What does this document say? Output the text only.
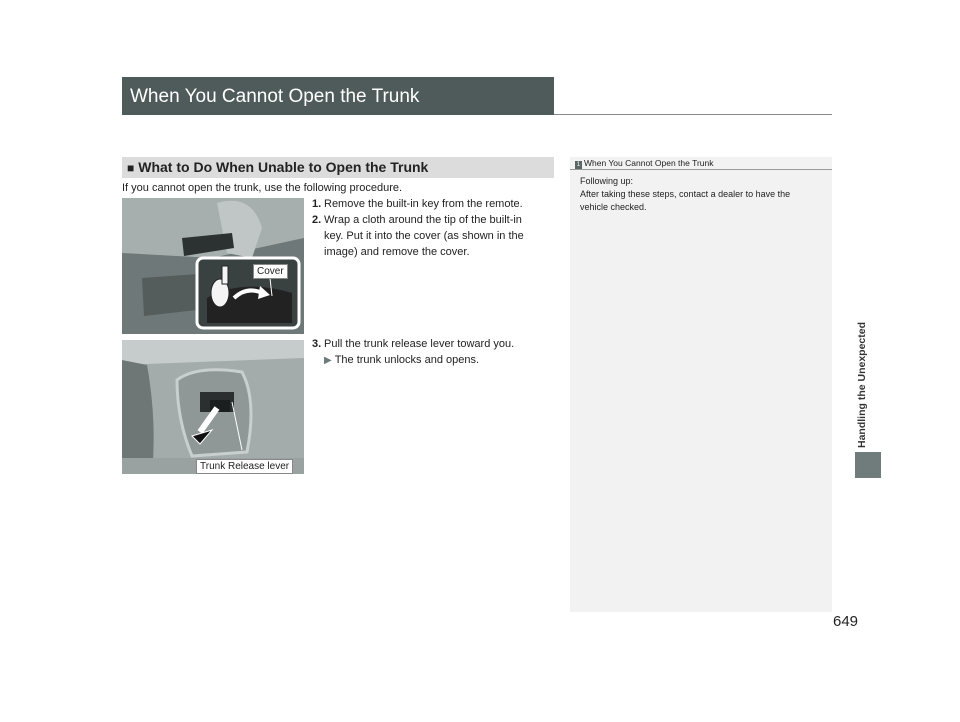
When You Cannot Open the Trunk
■ What to Do When Unable to Open the Trunk
If you cannot open the trunk, use the following procedure.
Cover
Trunk Release lever
1. Remove the built-in key from the remote.
2. Wrap a cloth around the tip of the built-in
key. Put it into the cover (as shown in the
image) and remove the cover.
3. Pull the trunk release lever toward you.
▶ The trunk unlocks and opens.
1 When You Cannot Open the Trunk
Following up:
After taking these steps, contact a dealer to have the
vehicle checked.
Handling the Unexpected
649
